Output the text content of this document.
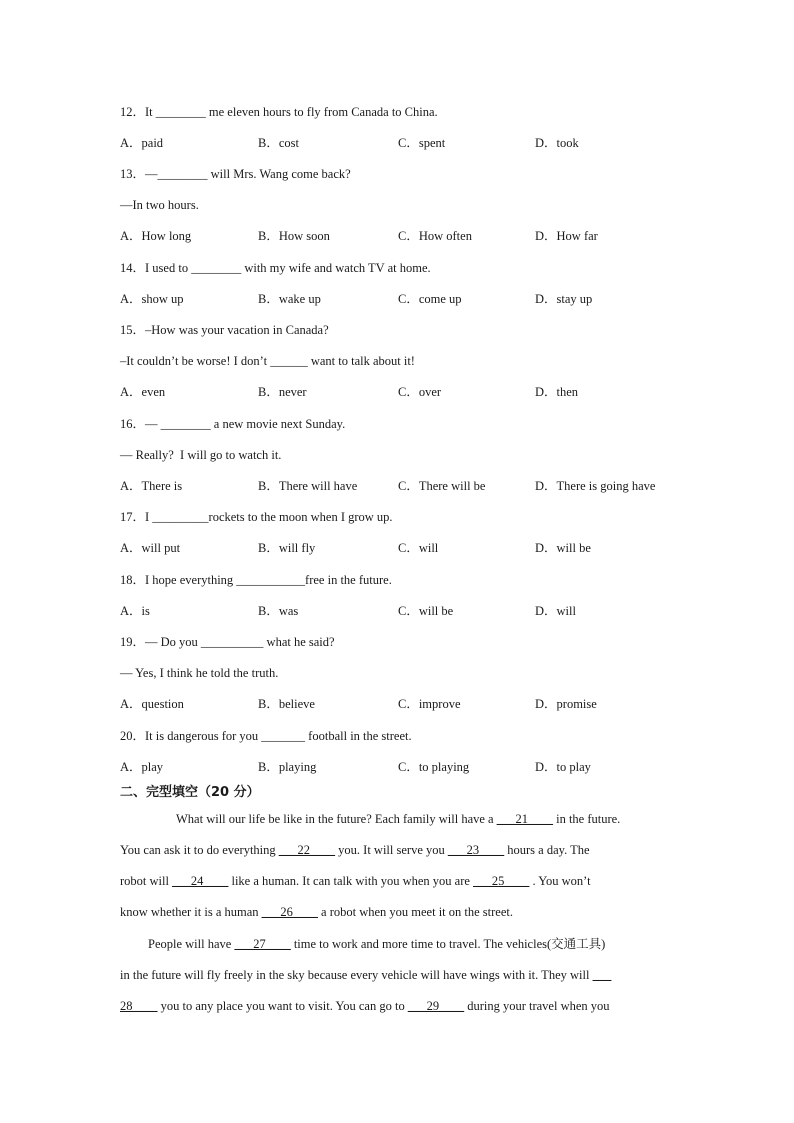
12．It ________ me eleven hours to fly from Canada to China.
A．paid	B．cost	C．spent	D．took
13．—________ will Mrs. Wang come back?
—In two hours.
A．How long	B．How soon	C．How often	D．How far
14．I used to ________ with my wife and watch TV at home.
A．show up	B．wake up	C．come up	D．stay up
15．–How was your vacation in Canada?
–It couldn’t be worse! I don’t ______ want to talk about it!
A．even	B．never	C．over	D．then
16．— ________ a new movie next Sunday.
— Really?  I will go to watch it.
A．There is	B．There will have	C．There will be	D．There is going have
17．I _________rockets to the moon when I grow up.
A．will put	B．will fly	C．will	D．will be
18．I hope everything ___________free in the future.
A．is	B．was	C．will be	D．will
19．— Do you __________ what he said?
— Yes, I think he told the truth.
A．question	B．believe	C．improve	D．promise
20．It is dangerous for you _______ football in the street.
A．play	B．playing	C．to playing	D．to play
二、完型填空（20 分）
What will our life be like in the future? Each family will have a ___21____ in the future.
You can ask it to do everything ___22____ you. It will serve you ___23____ hours a day. The
robot will ___24____ like a human. It can talk with you when you are ___25____ . You won’t
know whether it is a human ___26____ a robot when you meet it on the street.
People will have ___27____ time to work and more time to travel. The vehicles(交通工具)
in the future will fly freely in the sky because every vehicle will have wings with it. They will ___
28____ you to any place you want to visit. You can go to ___29____ during your travel when you
